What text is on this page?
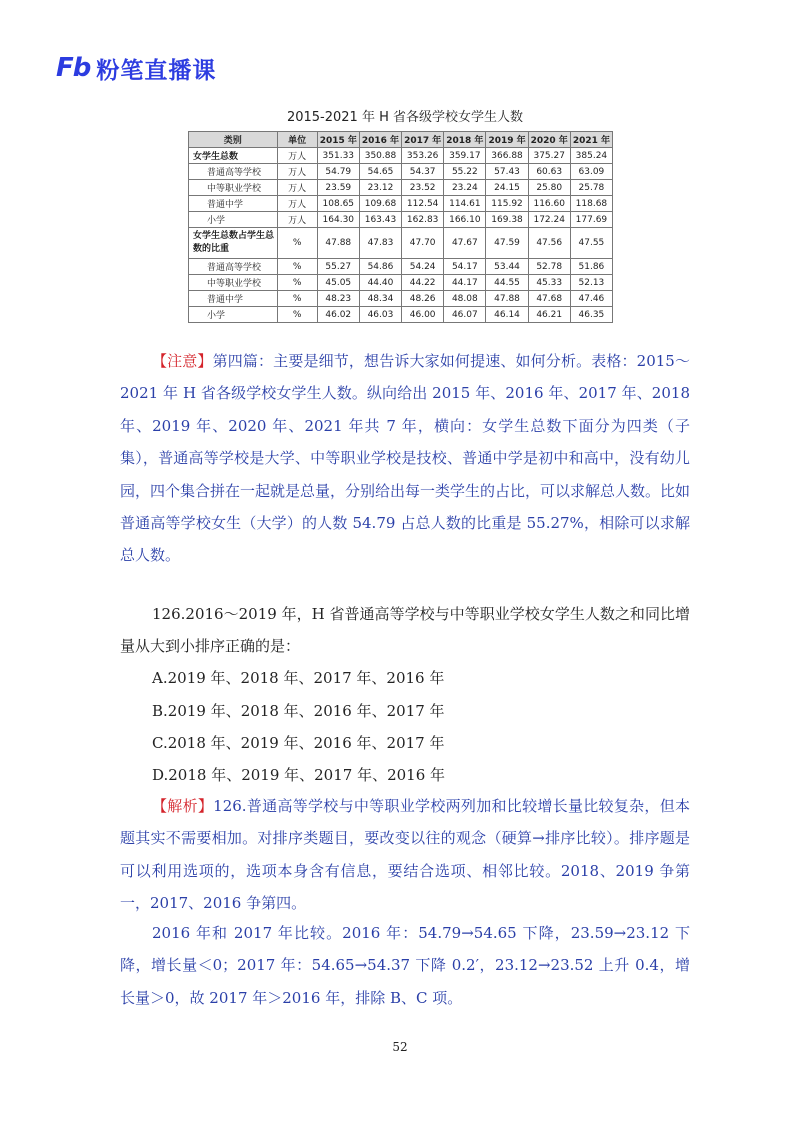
Fb 粉笔直播课
2015-2021 年 H 省各级学校女学生人数
类别	单位	2015 年	2016 年	2017 年	2018 年	2019 年	2020 年	2021 年
女学生总数	万人	351.33	350.88	353.26	359.17	366.88	375.27	385.24
普通高等学校	万人	54.79	54.65	54.37	55.22	57.43	60.63	63.09
中等职业学校	万人	23.59	23.12	23.52	23.24	24.15	25.80	25.78
普通中学	万人	108.65	109.68	112.54	114.61	115.92	116.60	118.68
小学	万人	164.30	163.43	162.83	166.10	169.38	172.24	177.69
女学生总数占学生总数的比重	%	47.88	47.83	47.70	47.67	47.59	47.56	47.55
普通高等学校	%	55.27	54.86	54.24	54.17	53.44	52.78	51.86
中等职业学校	%	45.05	44.40	44.22	44.17	44.55	45.33	52.13
普通中学	%	48.23	48.34	48.26	48.08	47.88	47.68	47.46
小学	%	46.02	46.03	46.00	46.07	46.14	46.21	46.35
【注意】第四篇：主要是细节，想告诉大家如何提速、如何分析。表格：2015～2021 年 H 省各级学校女学生人数。纵向给出 2015 年、2016 年、2017 年、2018 年、2019 年、2020 年、2021 年共 7 年，横向：女学生总数下面分为四类（子集），普通高等学校是大学、中等职业学校是技校、普通中学是初中和高中，没有幼儿园，四个集合拼在一起就是总量，分别给出每一类学生的占比，可以求解总人数。比如普通高等学校女生（大学）的人数 54.79 占总人数的比重是 55.27%，相除可以求解总人数。
126.2016～2019 年，H 省普通高等学校与中等职业学校女学生人数之和同比增量从大到小排序正确的是：
A.2019 年、2018 年、2017 年、2016 年
B.2019 年、2018 年、2016 年、2017 年
C.2018 年、2019 年、2016 年、2017 年
D.2018 年、2019 年、2017 年、2016 年
【解析】126.普通高等学校与中等职业学校两列加和比较增长量比较复杂，但本题其实不需要相加。对排序类题目，要改变以往的观念（硬算→排序比较）。排序题是可以利用选项的，选项本身含有信息，要结合选项、相邻比较。2018、2019 争第一，2017、2016 争第四。
2016 年和 2017 年比较。2016 年：54.79→54.65 下降，23.59→23.12 下降，增长量＜0；2017 年：54.65→54.37 下降 0.2′，23.12→23.52 上升 0.4，增长量＞0，故 2017 年＞2016 年，排除 B、C 项。
52
